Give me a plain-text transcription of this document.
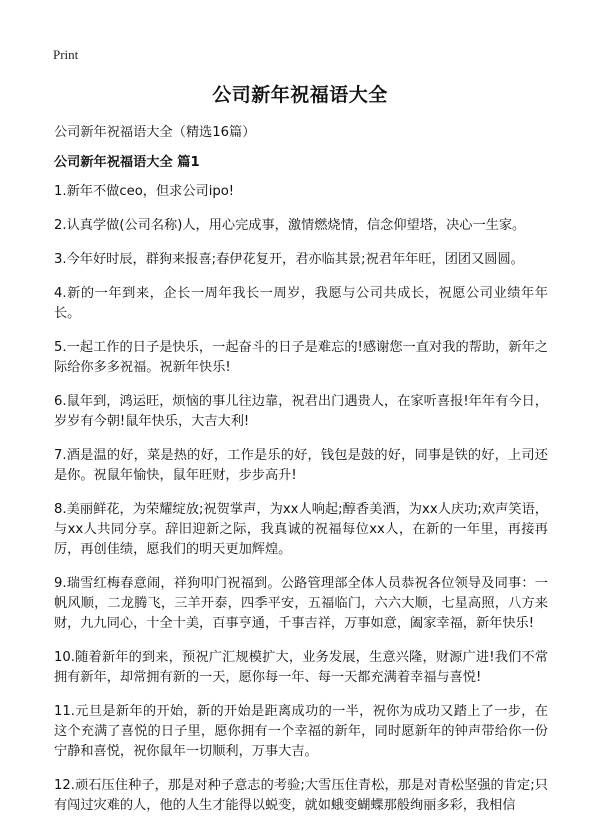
Print
公司新年祝福语大全
公司新年祝福语大全（精选16篇）
公司新年祝福语大全 篇1

1.新年不做ceo，但求公司ipo!

2.认真学做(公司名称)人，用心完成事，激情燃烧情，信念仰望塔，决心一生家。

3.今年好时辰，群狗来报喜;春伊花复开，君亦临其景;祝君年年旺，团团又圆圆。

4.新的一年到来，企长一周年我长一周岁，我愿与公司共成长，祝愿公司业绩年年长。

5.一起工作的日子是快乐，一起奋斗的日子是难忘的!感谢您一直对我的帮助，新年之际给你多多祝福。祝新年快乐!

6.鼠年到，鸿运旺，烦恼的事儿往边靠，祝君出门遇贵人，在家听喜报!年年有今日，岁岁有今朝!鼠年快乐，大吉大利!

7.酒是温的好，菜是热的好，工作是乐的好，钱包是鼓的好，同事是铁的好，上司还是你。祝鼠年愉快，鼠年旺财，步步高升!

8.美丽鲜花，为荣耀绽放;祝贺掌声，为xx人响起;醇香美酒，为xx人庆功;欢声笑语，与xx人共同分享。辞旧迎新之际，我真诚的祝福每位xx人，在新的一年里，再接再厉，再创佳绩，愿我们的明天更加辉煌。

9.瑞雪红梅春意闹，祥狗叩门祝福到。公路管理部全体人员恭祝各位领导及同事：一帆风顺，二龙腾飞，三羊开泰，四季平安，五福临门，六六大顺，七星高照，八方来财，九九同心，十全十美，百事亨通，千事吉祥，万事如意，阖家幸福，新年快乐!

10.随着新年的到来，预祝广汇规模扩大，业务发展，生意兴隆，财源广进!我们不常拥有新年，却常拥有新的一天，愿你每一年、每一天都充满着幸福与喜悦!

11.元旦是新年的开始，新的开始是距离成功的一半，祝你为成功又踏上了一步，在这个充满了喜悦的日子里，愿你拥有一个幸福的新年，同时愿新年的钟声带给你一份宁静和喜悦，祝你鼠年一切顺利，万事大吉。

12.顽石压住种子，那是对种子意志的考验;大雪压住青松，那是对青松坚强的肯定;只有闯过灾难的人，他的人生才能得以蜕变，就如蛾变蝴蝶那般绚丽多彩，我相信
